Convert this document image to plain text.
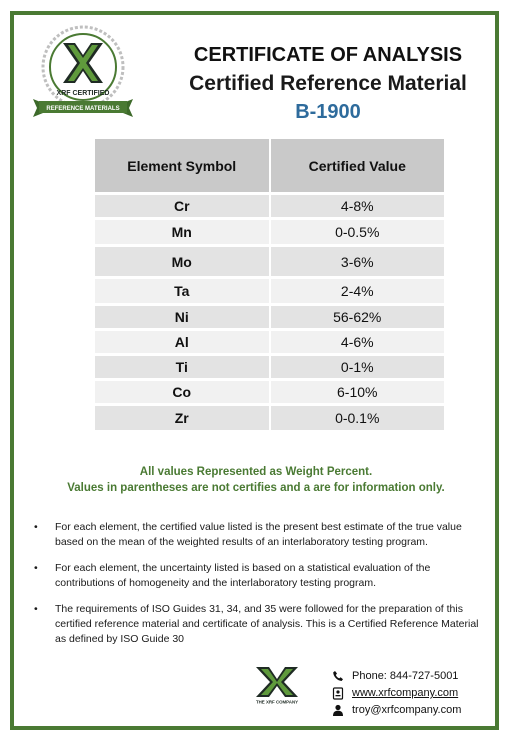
XRF CERTIFIED
REFERENCE MATERIALS
CERTIFICATE OF ANALYSIS
Certified Reference Material
B-1900
Element Symbol	Certified Value
Cr	4-8%
Mn	0-0.5%
Mo	3-6%
Ta	2-4%
Ni	56-62%
Al	4-6%
Ti	0-1%
Co	6-10%
Zr	0-0.1%
All values Represented as Weight Percent.
Values in parentheses are not certifies and a are for information only.
• For each element, the certified value listed is the present best estimate of the true value based on the mean of the weighted results of an interlaboratory testing program.
• For each element, the uncertainty listed is based on a statistical evaluation of the contributions of homogeneity and the interlaboratory testing program.
• The requirements of ISO Guides 31, 34, and 35 were followed for the preparation of this certified reference material and certificate of analysis. This is a Certified Reference Material as defined by ISO Guide 30
THE XRF COMPANY
Phone: 844-727-5001
www.xrfcompany.com
troy@xrfcompany.com
